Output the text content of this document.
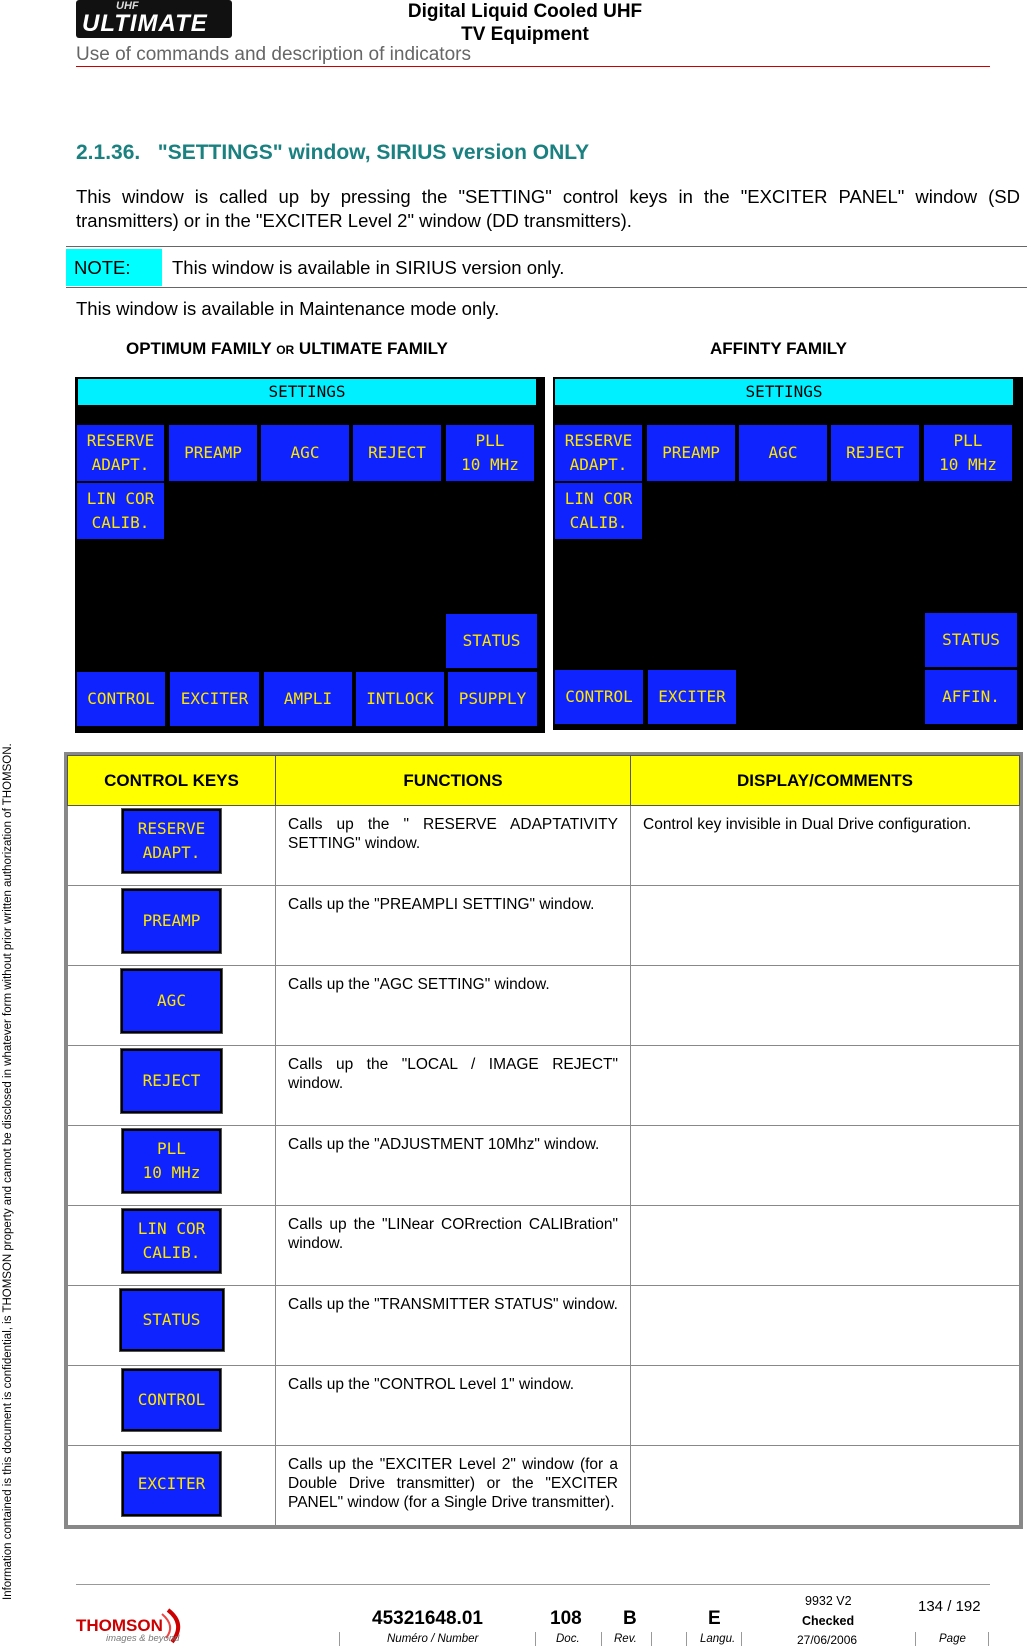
UHF
ULTIMATE	Digital Liquid Cooled UHF
TV Equipment
Use of commands and description of indicators
Information contained is this document is confidential, is THOMSON property and cannot be disclosed in whatever form without prior written authorization of THOMSON.
2.1.36. "SETTINGS" window, SIRIUS version ONLY
This window is called up by pressing the "SETTING" control keys in the "EXCITER PANEL" window (SD transmitters) or in the "EXCITER Level 2" window (DD transmitters).
NOTE:	This window is available in SIRIUS version only.
This window is available in Maintenance mode only.
OPTIMUM FAMILY OR ULTIMATE FAMILY	AFFINTY FAMILY
SETTINGS
RESERVE
ADAPT.
PREAMP	AGC	REJECT
PLL
10 MHz
LIN COR
CALIB.
STATUS
CONTROL	EXCITER	AMPLI	INTLOCK	PSUPPLY
SETTINGS
RESERVE
ADAPT.
PREAMP	AGC	REJECT
PLL
10 MHz
LIN COR
CALIB.
STATUS
CONTROL	EXCITER	AFFIN.
CONTROL KEYS	FUNCTIONS	DISPLAY/COMMENTS
RESERVE
ADAPT.	Calls up the " RESERVE ADAPTATIVITY SETTING" window.	Control key invisible in Dual Drive configuration.
PREAMP	Calls up the "PREAMPLI SETTING" window.	
AGC	Calls up the "AGC SETTING" window.	
REJECT	Calls up the "LOCAL / IMAGE REJECT" window.	
PLL
10 MHz	Calls up the "ADJUSTMENT 10Mhz" window.	
LIN COR
CALIB.	Calls up the "LINear CORrection CALIBration" window.	
STATUS	Calls up the "TRANSMITTER STATUS" window.	
CONTROL	Calls up the "CONTROL Level 1" window.	
EXCITER	Calls up the "EXCITER Level 2" window (for a Double Drive transmitter) or the "EXCITER PANEL" window (for a Single Drive transmitter).	
THOMSON
images & beyond
45321648.01	108 B	E
9932 V2
Checked
134 / 192
Numéro / Number	Doc.	Rev.	Langu.	27/06/2006	Page
